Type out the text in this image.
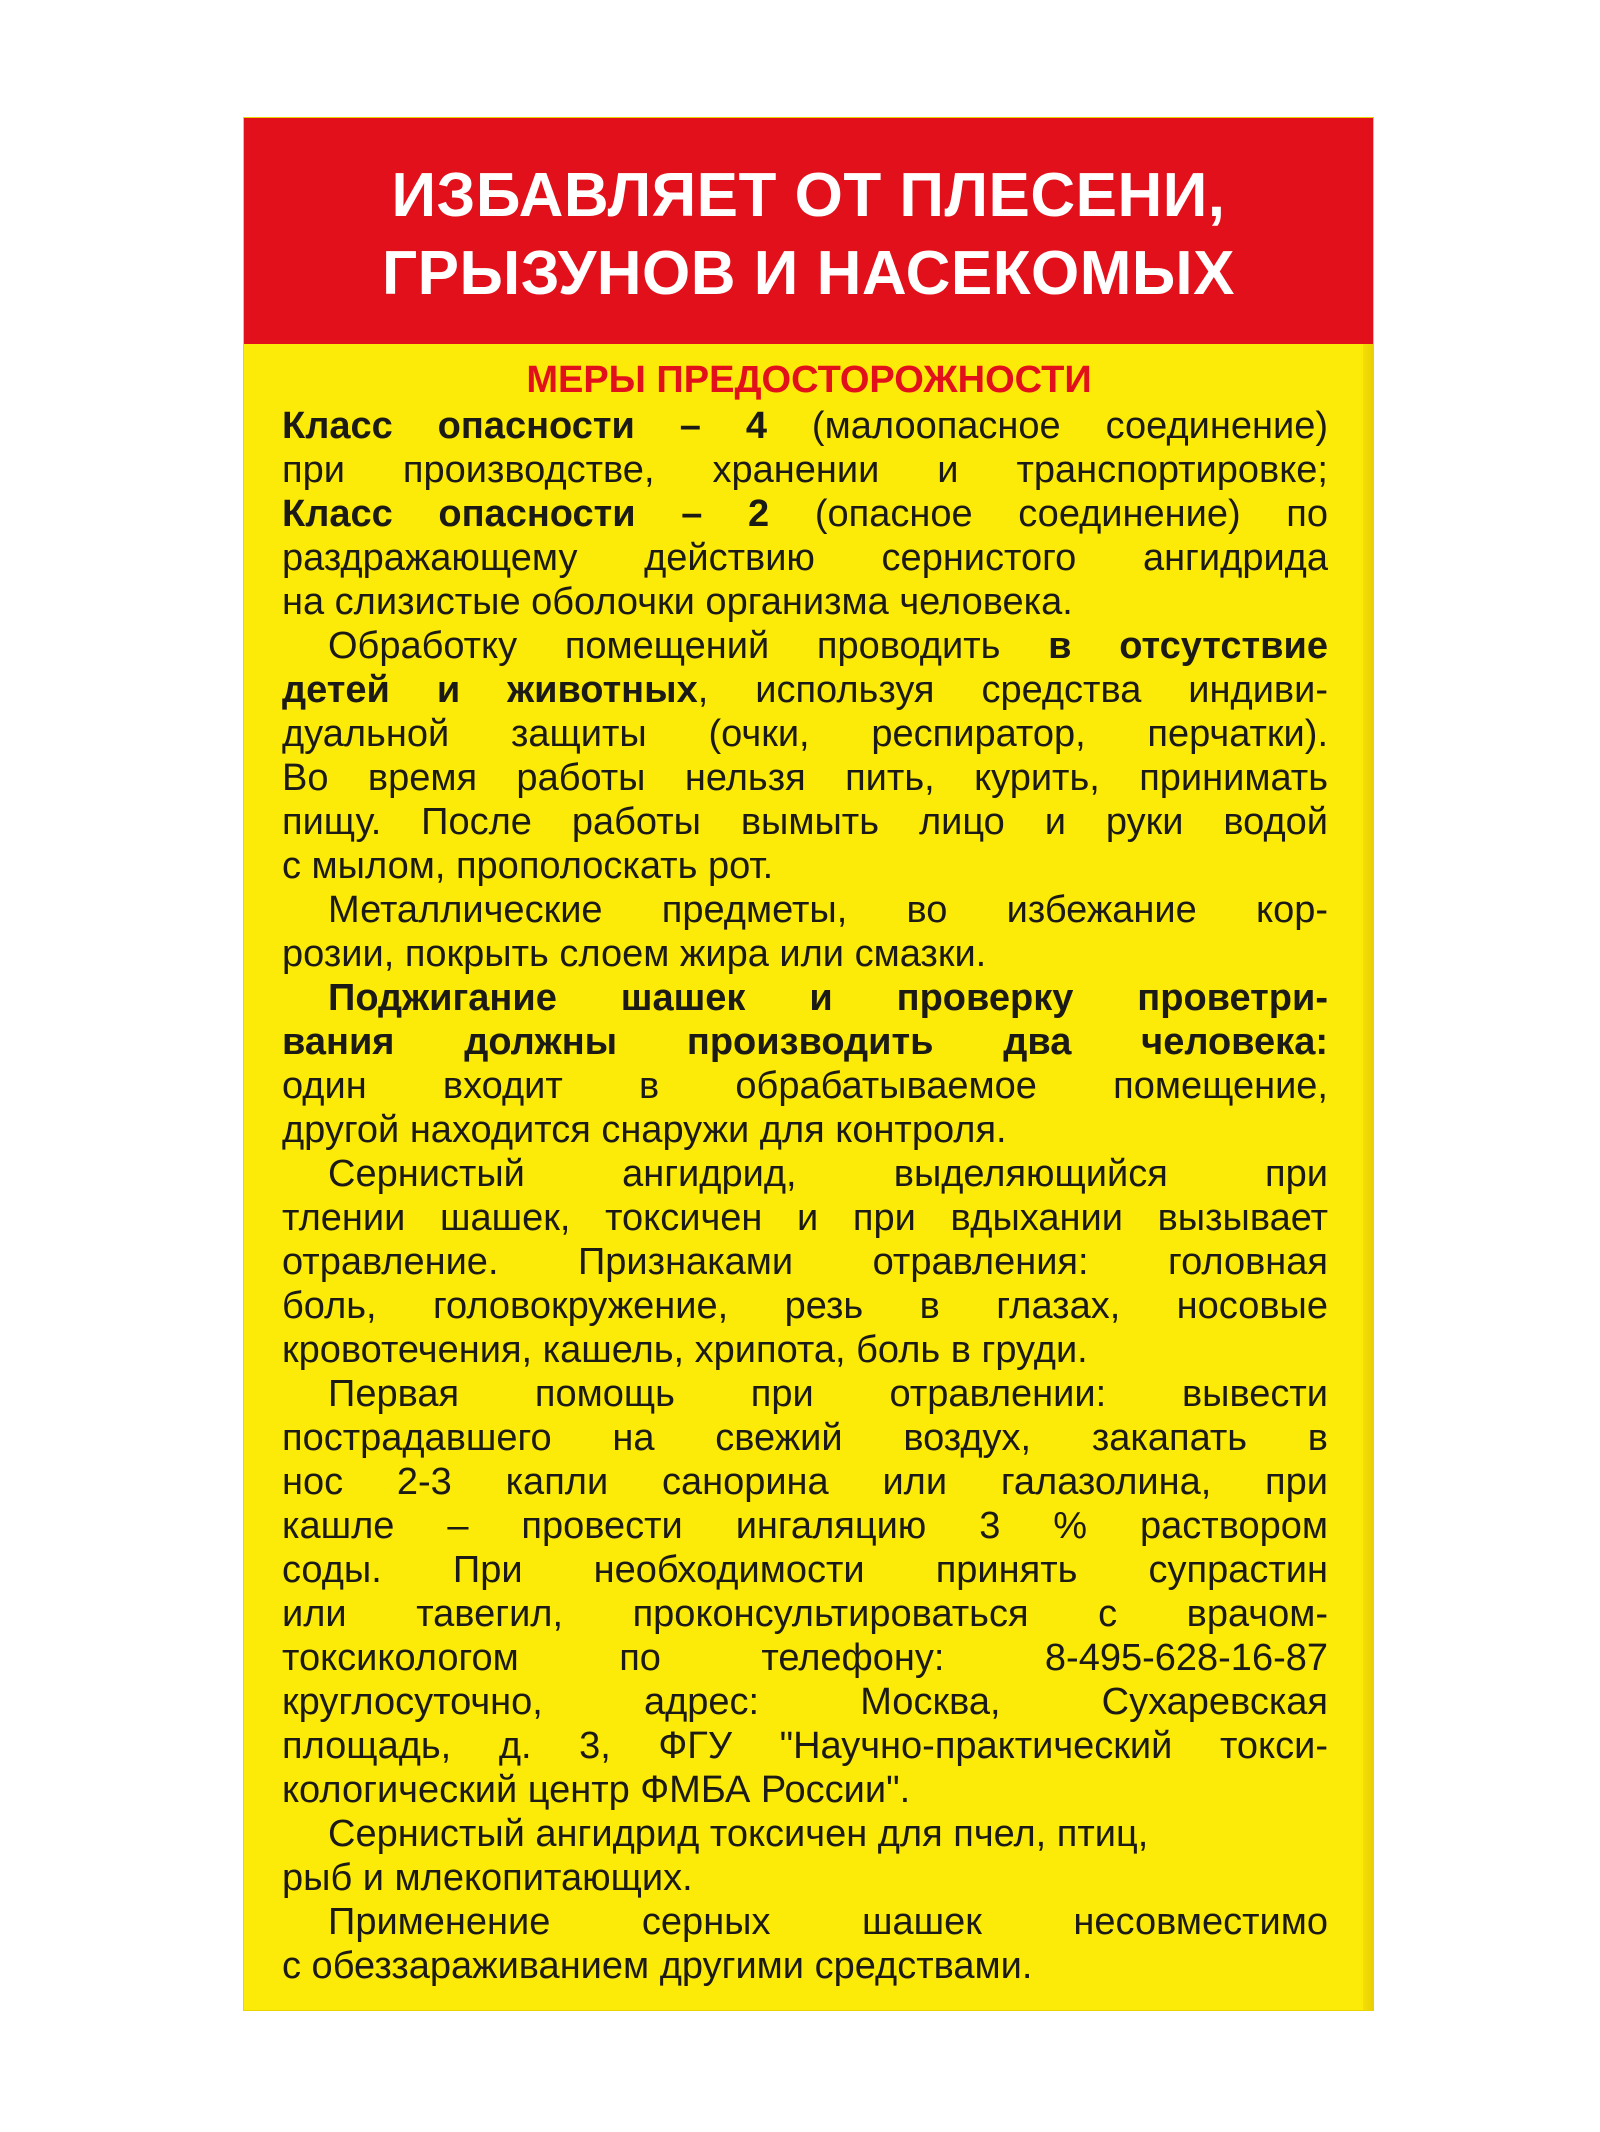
ИЗБАВЛЯЕТ ОТ ПЛЕСЕНИ,
ГРЫЗУНОВ И НАСЕКОМЫХ
МЕРЫ ПРЕДОСТОРОЖНОСТИ
Класс опасности – 4 (малоопасное соединение)
при производстве, хранении и транспортировке;
Класс опасности – 2 (опасное соединение) по
раздражающему действию сернистого ангидрида
на слизистые оболочки организма человека.
Обработку помещений проводить в отсутствие
детей и животных, используя средства индиви-
дуальной защиты (очки, респиратор, перчатки).
Во время работы нельзя пить, курить, принимать
пищу. После работы вымыть лицо и руки водой
с мылом, прополоскать рот.
Металлические предметы, во избежание кор-
розии, покрыть слоем жира или смазки.
Поджигание шашек и проверку проветри-
вания должны производить два человека:
один входит в обрабатываемое помещение,
другой находится снаружи для контроля.
Сернистый ангидрид, выделяющийся при
тлении шашек, токсичен и при вдыхании вызывает
отравление. Признаками отравления: головная
боль, головокружение, резь в глазах, носовые
кровотечения, кашель, хрипота, боль в груди.
Первая помощь при отравлении: вывести
пострадавшего на свежий воздух, закапать в
нос 2-3 капли санорина или галазолина, при
кашле – провести ингаляцию 3 % раствором
соды. При необходимости принять супрастин
или тавегил, проконсультироваться с врачом-
токсикологом по телефону: 8-495-628-16-87
круглосуточно, адрес: Москва, Сухаревская
площадь, д. 3, ФГУ "Научно-практический токси-
кологический центр ФМБА России".
Сернистый ангидрид токсичен для пчел, птиц,
рыб и млекопитающих.
Применение серных шашек несовместимо
с обеззараживанием другими средствами.
